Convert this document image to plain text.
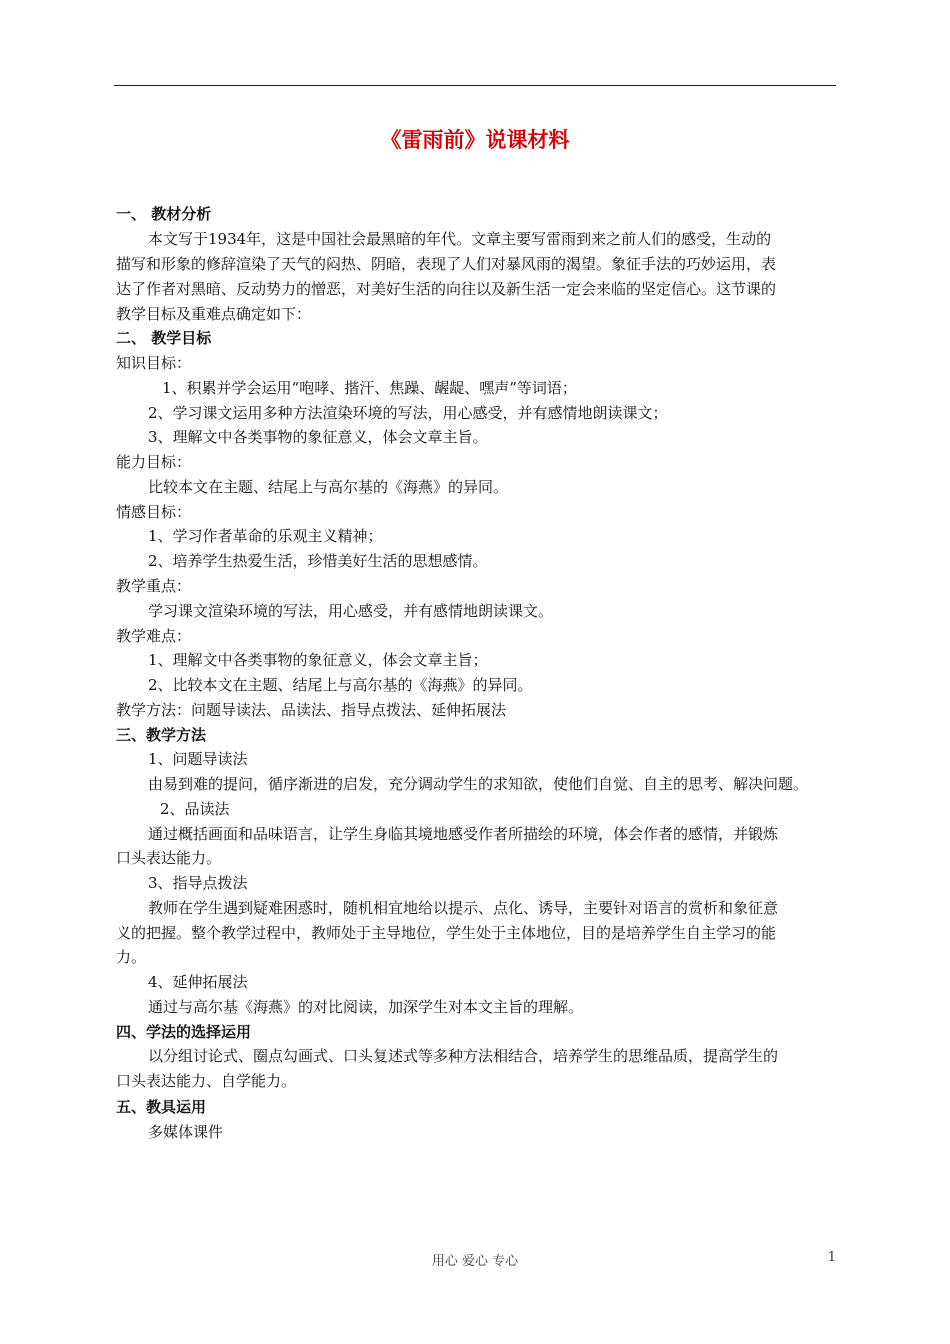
《雷雨前》说课材料
一、 教材分析
本文写于1934年，这是中国社会最黑暗的年代。文章主要写雷雨到来之前人们的感受，生动的
描写和形象的修辞渲染了天气的闷热、阴暗，表现了人们对暴风雨的渴望。象征手法的巧妙运用，表
达了作者对黑暗、反动势力的憎恶，对美好生活的向往以及新生活一定会来临的坚定信心。这节课的
教学目标及重难点确定如下：
二、 教学目标
知识目标：
1、积累并学会运用“咆哮、揩汗、焦躁、龌龊、嘿声”等词语；
2、学习课文运用多种方法渲染环境的写法，用心感受，并有感情地朗读课文；
3、理解文中各类事物的象征意义，体会文章主旨。
能力目标：
比较本文在主题、结尾上与高尔基的《海燕》的异同。
情感目标：
1、学习作者革命的乐观主义精神；
2、培养学生热爱生活，珍惜美好生活的思想感情。
教学重点：
学习课文渲染环境的写法，用心感受，并有感情地朗读课文。
教学难点：
1、理解文中各类事物的象征意义，体会文章主旨；
2、比较本文在主题、结尾上与高尔基的《海燕》的异同。
教学方法：问题导读法、品读法、指导点拨法、延伸拓展法
三、教学方法
1、问题导读法
由易到难的提问，循序渐进的启发，充分调动学生的求知欲，使他们自觉、自主的思考、解决问题。
2、品读法
通过概括画面和品味语言，让学生身临其境地感受作者所描绘的环境，体会作者的感情，并锻炼
口头表达能力。
3、指导点拨法
教师在学生遇到疑难困惑时，随机相宜地给以提示、点化、诱导，主要针对语言的赏析和象征意
义的把握。整个教学过程中，教师处于主导地位，学生处于主体地位，目的是培养学生自主学习的能
力。
4、延伸拓展法
通过与高尔基《海燕》的对比阅读，加深学生对本文主旨的理解。
四、学法的选择运用
以分组讨论式、圈点勾画式、口头复述式等多种方法相结合，培养学生的思维品质，提高学生的
口头表达能力、自学能力。
五、教具运用
多媒体课件
用心 爱心 专心	1
